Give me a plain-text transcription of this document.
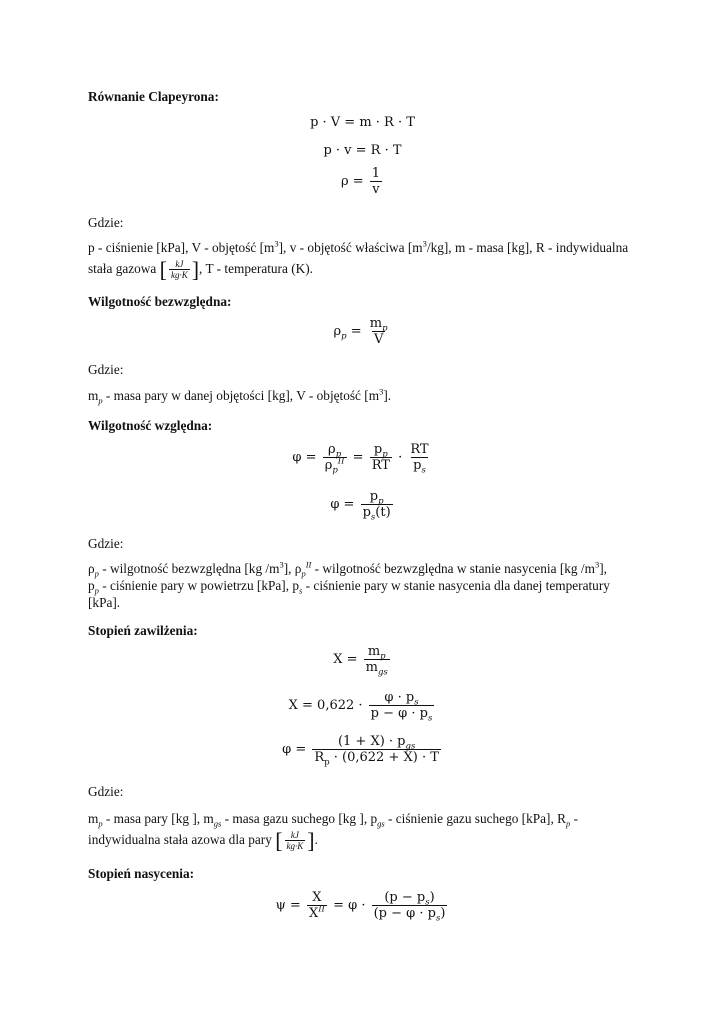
Równanie Clapeyrona:
p · V = m · R · T
p · v = R · T
$\rho = \frac{1}{v}$
Gdzie:
p - ciśnienie [kPa], V - objętość $[m^3]$, v - objętość właściwa $[m^3/kg]$, m - masa [kg], R - indywidualna
stała gazowa [ $\frac{kJ}{kg\cdot K}$ ] , T - temperatura (K).
Wilgotność bezwzględna:
$\rho_p = \frac{m_p}{V}$
Gdzie:
$m_p$ - masa pary w danej objętości [kg], V - objętość $[m^3]$.
Wilgotność względna:
$\varphi = \frac{\rho_p}{\rho_p^{II}} = \frac{p_p}{RT} \cdot \frac{RT}{p_s}$
$\varphi = \frac{p_p}{p_s(t)}$
Gdzie:
$\rho_p$ - wilgotność bezwzględna [kg $/m^3$], $\rho_p^{II}$ - wilgotność bezwzględna w stanie nasycenia [kg $/m^3$],
$p_p$ - ciśnienie pary w powietrzu [kPa], $p_s$ - ciśnienie pary w stanie nasycenia dla danej temperatury
[kPa].
Stopień zawilżenia:
$X = \frac{m_p}{m_{gs}}$
$X = 0,622 \cdot \frac{\varphi \cdot p_s}{p - \varphi \cdot p_s}$
$\varphi = \frac{(1 + X) \cdot p_{gs}}{R_p \cdot (0,622 + X) \cdot T}$
Gdzie:
$m_p$ - masa pary [kg ], $m_{gs}$ - masa gazu suchego [kg ], $p_{gs}$ - ciśnienie gazu suchego [kPa], $R_p$ -
indywidualna stała azowa dla pary [ $\frac{kJ}{kg\cdot K}$ ] .
Stopień nasycenia:
$\psi = \frac{X}{X^{II}} = \varphi \cdot \frac{(p - p_s)}{(p - \varphi \cdot p_s)}$
